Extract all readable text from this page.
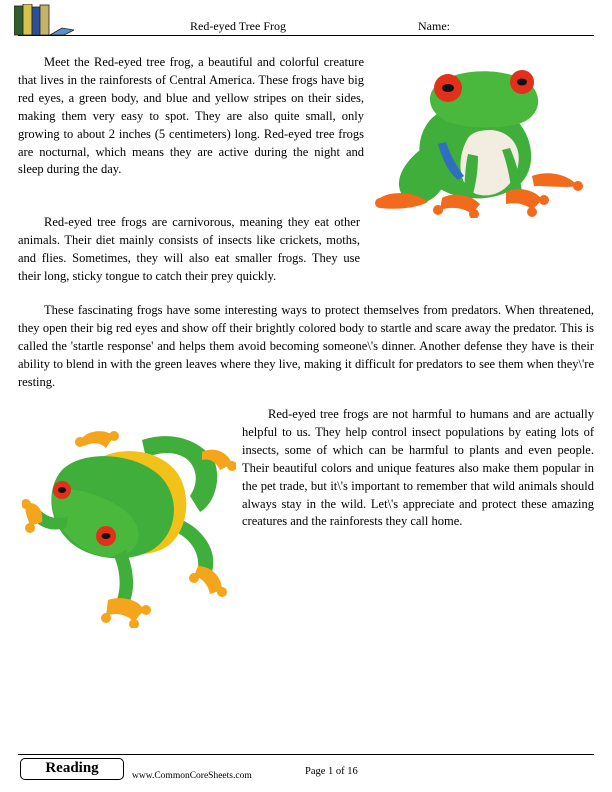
Red-eyed Tree Frog	Name:

Meet the Red-eyed tree frog, a beautiful and colorful creature that lives in the rainforests of Central America. These frogs have big red eyes, a green body, and blue and yellow stripes on their sides, making them very easy to spot. They are also quite small, only growing to about 2 inches (5 centimeters) long. Red-eyed tree frogs are nocturnal, which means they are active during the night and sleep during the day.

Red-eyed tree frogs are carnivorous, meaning they eat other animals. Their diet mainly consists of insects like crickets, moths, and flies. Sometimes, they will also eat smaller frogs. They use their long, sticky tongue to catch their prey quickly.

These fascinating frogs have some interesting ways to protect themselves from predators. When threatened, they open their big red eyes and show off their brightly colored body to startle and scare away the predator. This is called the 'startle response' and helps them avoid becoming someone\'s dinner. Another defense they have is their ability to blend in with the green leaves where they live, making it difficult for predators to see them when they\'re resting.

Red-eyed tree frogs are not harmful to humans and are actually helpful to us. They help control insect populations by eating lots of insects, some of which can be harmful to plants and even people. Their beautiful colors and unique features also make them popular in the pet trade, but it\'s important to remember that wild animals should always stay in the wild. Let\'s appreciate and protect these amazing creatures and the rainforests they call home.

Reading	www.CommonCoreSheets.com	Page 1 of 16
